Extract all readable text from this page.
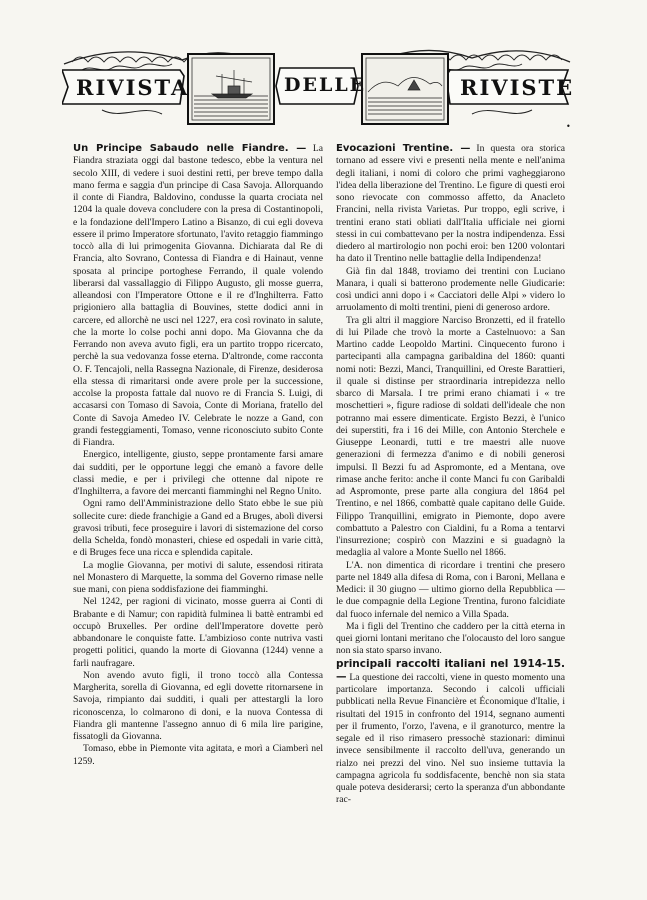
RIVISTA	DELLE	RIVISTE
•

Un Principe Sabaudo nelle Fiandre. — La Fiandra straziata oggi dal bastone tedesco, ebbe la ventura nel secolo XIII, di vedere i suoi destini retti, per breve tempo dalla mano ferma e saggia d'un principe di Casa Savoja. Allorquando il conte di Fiandra, Baldovino, condusse la quarta crociata nel 1204 la quale doveva concludere con la presa di Costantinopoli, e la fondazione dell'Impero Latino a Bisanzo, di cui egli doveva essere il primo Imperatore sfortunato, l'avito retaggio fiammingo toccò alla di lui primogenita Giovanna. Dichiarata dal Re di Francia, alto Sovrano, Contessa di Fiandra e di Hainaut, venne sposata al principe portoghese Ferrando, il quale volendo liberarsi dal vassallaggio di Filippo Augusto, gli mosse guerra, alleandosi con l'Imperatore Ottone e il re d'Inghilterra. Fatto prigioniero alla battaglia di Bouvines, stette dodici anni in carcere, ed allorchè ne usci nel 1227, era così rovinato in salute, che la morte lo colse pochi anni dopo. Ma Giovanna che da Ferrando non aveva avuto figli, era un partito troppo ricercato, perchè la sua vedovanza fosse eterna. D'altronde, come racconta O. F. Tencajoli, nella Rassegna Nazionale, di Firenze, desiderosa ella stessa di rimaritarsi onde avere prole per la successione, accolse la proposta fattale dal nuovo re di Francia S. Luigi, di accasarsi con Tomaso di Savoia, Conte di Moriana, fratello del Conte di Savoja Amedeo IV. Celebrate le nozze a Gand, con grandi festeggiamenti, Tomaso, venne riconosciuto subito Conte di Fiandra.

Energico, intelligente, giusto, seppe prontamente farsi amare dai sudditi, per le opportune leggi che emanò a favore delle classi medie, e per i privilegi che ottenne dal nipote re d'Inghilterra, a favore dei mercanti fiamminghi nel Regno Unito.

Ogni ramo dell'Amministrazione dello Stato ebbe le sue più sollecite cure: diede franchigie a Gand ed a Bruges, abolì diversi gravosi tributi, fece proseguire i lavori di sistemazione del corso della Schelda, fondò monasteri, chiese ed ospedali in varie città, e di Bruges fece una ricca e splendida capitale.

La moglie Giovanna, per motivi di salute, essendosi ritirata nel Monastero di Marquette, la somma del Governo rimase nelle sue mani, con piena soddisfazione dei fiamminghi.

Nel 1242, per ragioni di vicinato, mosse guerra ai Conti di Brabante e di Namur; con rapidità fulminea li battè entrambi ed occupò Bruxelles. Per ordine dell'Imperatore dovette però abbandonare le conquiste fatte. L'ambizioso conte nutriva vasti progetti politici, quando la morte di Giovanna (1244) venne a farli naufragare.

Non avendo avuto figli, il trono toccò alla Contessa Margherita, sorella di Giovanna, ed egli dovette ritornarsene in Savoja, rimpianto dai sudditi, i quali per attestargli la loro riconoscenza, lo colmarono di doni, e la nuova Contessa di Fiandra gli mantenne l'assegno annuo di 6 mila lire parigine, fissatogli da Giovanna.

Tomaso, ebbe in Piemonte vita agitata, e morì a Ciamberì nel 1259.

Evocazioni Trentine. — In questa ora storica tornano ad essere vivi e presenti nella mente e nell'anima degli italiani, i nomi di coloro che primi vagheggiarono l'idea della liberazione del Trentino. Le figure di questi eroi sono rievocate con commosso affetto, da Anacleto Francini, nella rivista Varietas. Pur troppo, egli scrive, i trentini erano stati obliati dall'Italia ufficiale nei giorni stessi in cui combattevano per la nostra indipendenza. Essi diedero al martirologio non pochi eroi: ben 1200 volontari ha dato il Trentino nelle battaglie della Indipendenza!

Già fin dal 1848, troviamo dei trentini con Luciano Manara, i quali si batterono prodemente nelle Giudicarie: così undici anni dopo i « Cacciatori delle Alpi » videro lo arruolamento di molti trentini, pieni di generoso ardore.

Tra gli altri il maggiore Narciso Bronzetti, ed il fratello di lui Pilade che trovò la morte a Castelnuovo: a San Martino cadde Leopoldo Martini. Cinquecento furono i partecipanti alla campagna garibaldina del 1860: quanti nomi noti: Bezzi, Manci, Tranquillini, ed Oreste Barattieri, il quale si distinse per straordinaria intrepidezza nello sbarco di Marsala. I tre primi erano chiamati i « tre moschettieri », figure radiose di soldati dell'ideale che non potranno mai essere dimenticate. Ergisto Bezzi, è l'unico dei superstiti, fra i 16 dei Mille, con Antonio Sterchele e Giuseppe Leonardi, tutti e tre maestri alle nuove generazioni di fermezza d'animo e di nobili generosi impulsi. Il Bezzi fu ad Aspromonte, ed a Mentana, ove rimase anche ferito: anche il conte Manci fu con Garibaldi ad Aspromonte, prese parte alla congiura del 1864 pel Trentino, e nel 1866, combattè quale capitano delle Guide. Filippo Tranquillini, emigrato in Piemonte, dopo avere combattuto a Palestro con Cialdini, fu a Roma a tentarvi l'insurrezione; cospirò con Mazzini e si guadagnò la medaglia al valore a Monte Suello nel 1866.

L'A. non dimentica di ricordare i trentini che presero parte nel 1849 alla difesa di Roma, con i Baroni, Mellana e Medici: il 30 giugno — ultimo giorno della Repubblica — le due compagnie della Legione Trentina, furono falcidiate dal fuoco infernale del nemico a Villa Spada.

Ma i figli del Trentino che caddero per la città eterna in quei giorni lontani meritano che l'olocausto del loro sangue non sia stato sparso invano.

principali raccolti italiani nel 1914-15. — La questione dei raccolti, viene in questo momento una particolare importanza. Secondo i calcoli ufficiali pubblicati nella Revue Financière et Économique d'Italie, i risultati del 1915 in confronto del 1914, segnano aumenti per il frumento, l'orzo, l'avena, e il granoturco, mentre la segale ed il riso rimasero pressochè stazionari: diminuì invece sensibilmente il raccolto dell'uva, generando un rialzo nei prezzi del vino. Nel suo insieme tuttavia la campagna agricola fu soddisfacente, benchè non sia stata quale poteva desiderarsi; certo la speranza d'un abbondante rac-
